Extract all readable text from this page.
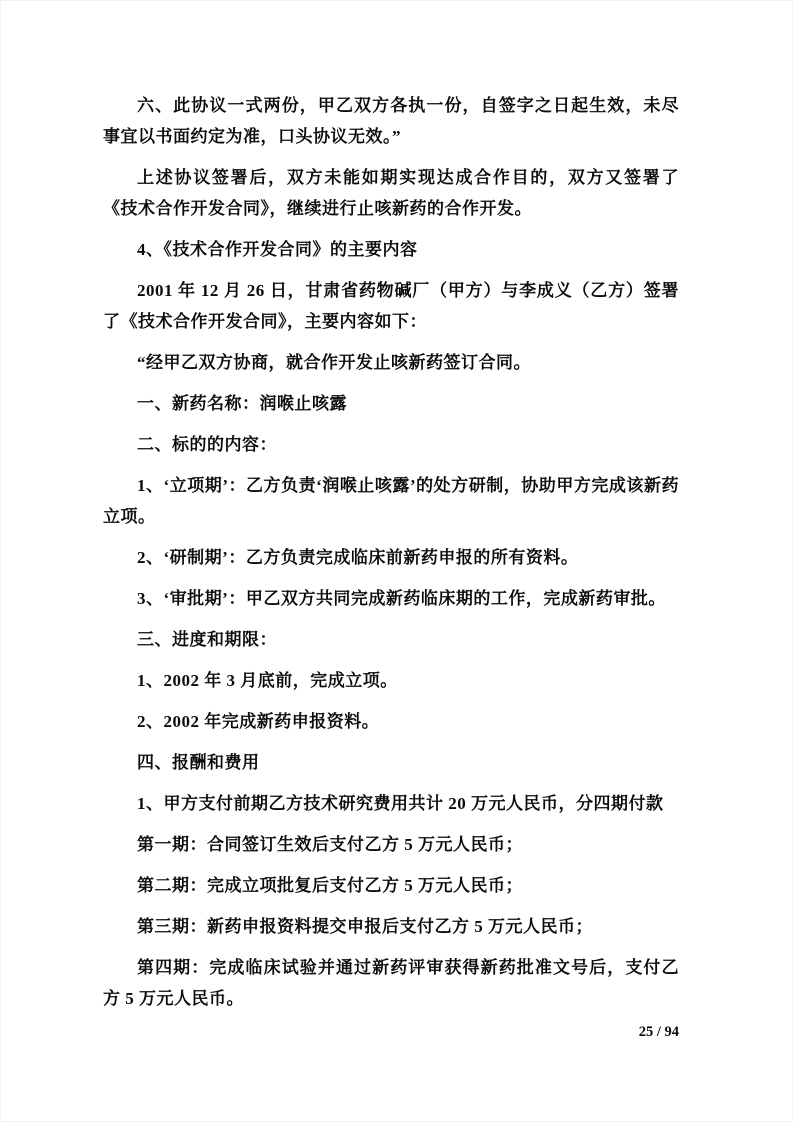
六、此协议一式两份，甲乙双方各执一份，自签字之日起生效，未尽事宜以书面约定为准，口头协议无效。”

上述协议签署后，双方未能如期实现达成合作目的，双方又签署了《技术合作开发合同》，继续进行止咳新药的合作开发。

4、《技术合作开发合同》的主要内容

2001 年 12 月 26 日，甘肃省药物碱厂（甲方）与李成义（乙方）签署了《技术合作开发合同》，主要内容如下：

“经甲乙双方协商，就合作开发止咳新药签订合同。

一、新药名称：润喉止咳露

二、标的的内容：

1、‘立项期’：乙方负责‘润喉止咳露’的处方研制，协助甲方完成该新药立项。

2、‘研制期’：乙方负责完成临床前新药申报的所有资料。

3、‘审批期’：甲乙双方共同完成新药临床期的工作，完成新药审批。

三、进度和期限：

1、2002 年 3 月底前，完成立项。

2、2002 年完成新药申报资料。

四、报酬和费用

1、甲方支付前期乙方技术研究费用共计 20 万元人民币，分四期付款

第一期：合同签订生效后支付乙方 5 万元人民币；

第二期：完成立项批复后支付乙方 5 万元人民币；

第三期：新药申报资料提交申报后支付乙方 5 万元人民币；

第四期：完成临床试验并通过新药评审获得新药批准文号后，支付乙方 5 万元人民币。

25 / 94
